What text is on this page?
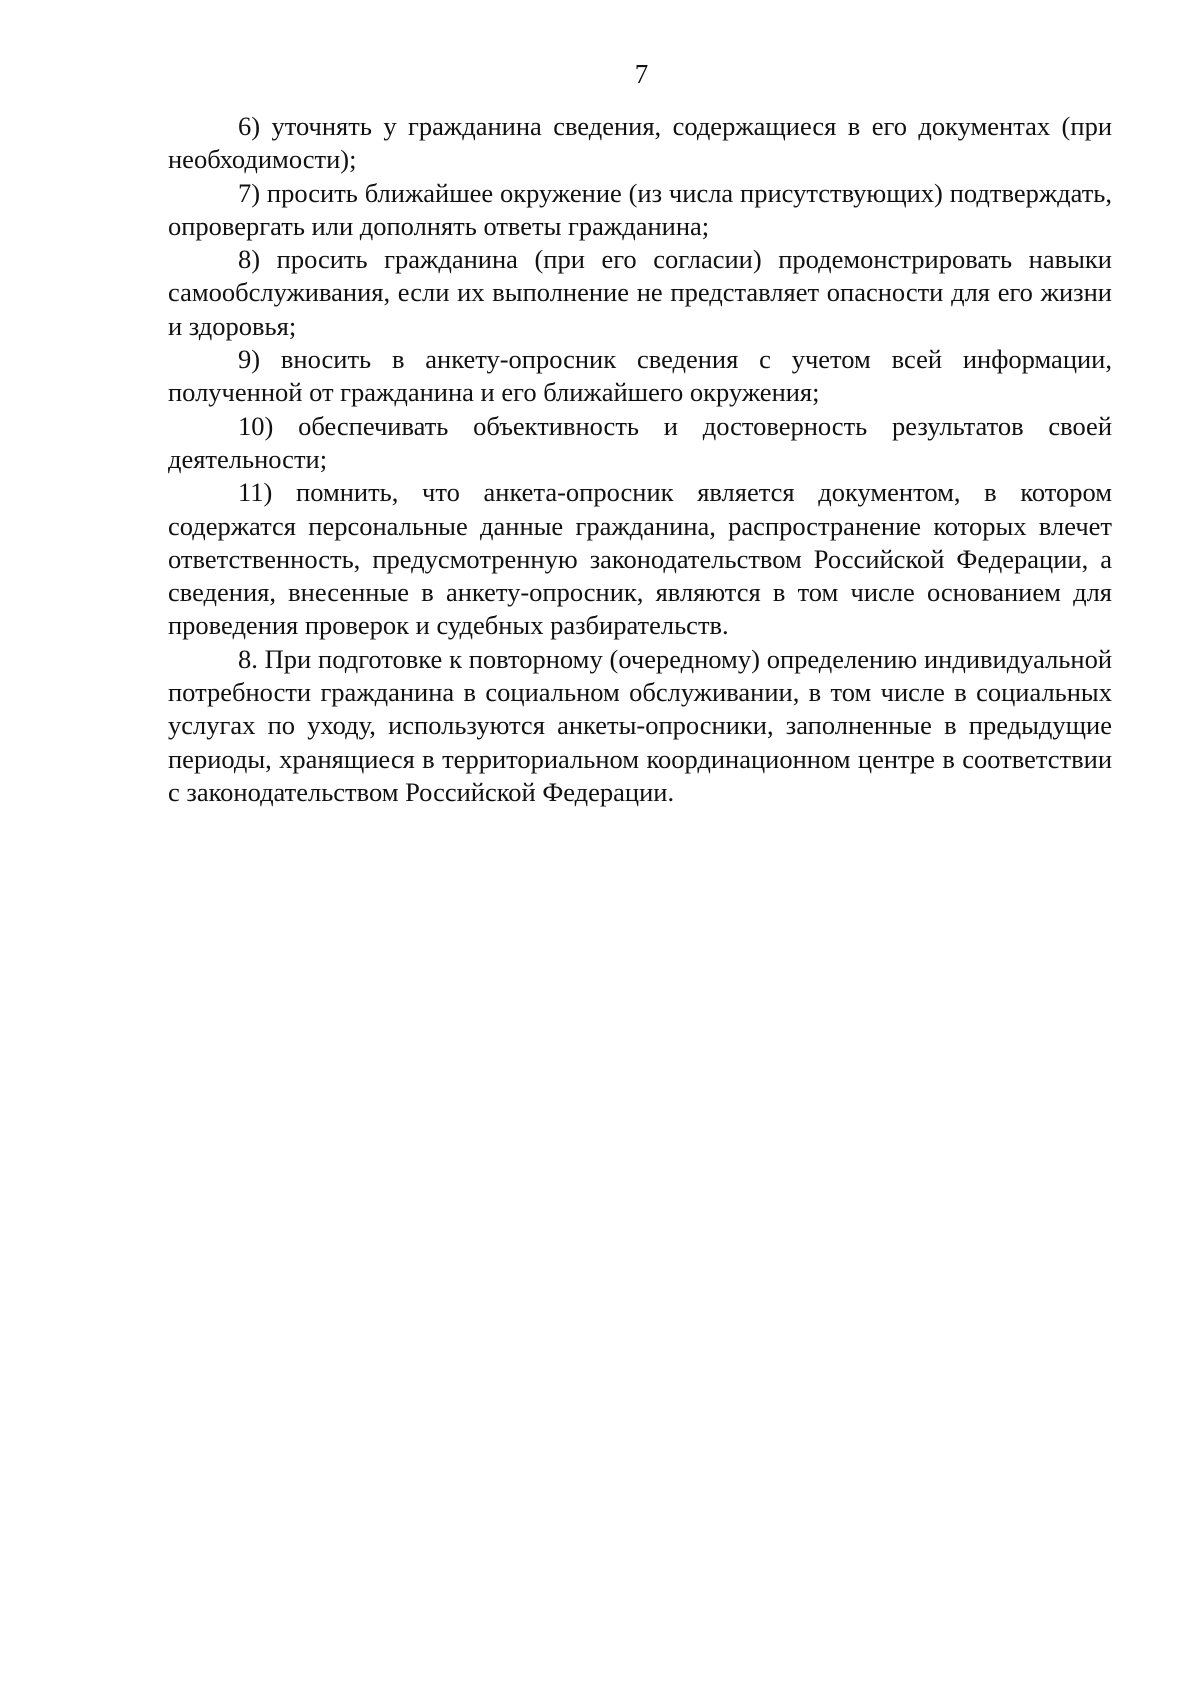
7

6) уточнять у гражданина сведения, содержащиеся в его документах (при необходимости);

7) просить ближайшее окружение (из числа присутствующих) подтверждать, опровергать или дополнять ответы гражданина;

8) просить гражданина (при его согласии) продемонстрировать навыки самообслуживания, если их выполнение не представляет опасности для его жизни и здоровья;

9) вносить в анкету-опросник сведения с учетом всей информации, полученной от гражданина и его ближайшего окружения;

10) обеспечивать объективность и достоверность результатов своей деятельности;

11) помнить, что анкета-опросник является документом, в котором содержатся персональные данные гражданина, распространение которых влечет ответственность, предусмотренную законодательством Российской Федерации, а сведения, внесенные в анкету-опросник, являются в том числе основанием для проведения проверок и судебных разбирательств.

8. При подготовке к повторному (очередному) определению индивидуальной потребности гражданина в социальном обслуживании, в том числе в социальных услугах по уходу, используются анкеты-опросники, заполненные в предыдущие периоды, хранящиеся в территориальном координационном центре в соответствии с законодательством Российской Федерации.
